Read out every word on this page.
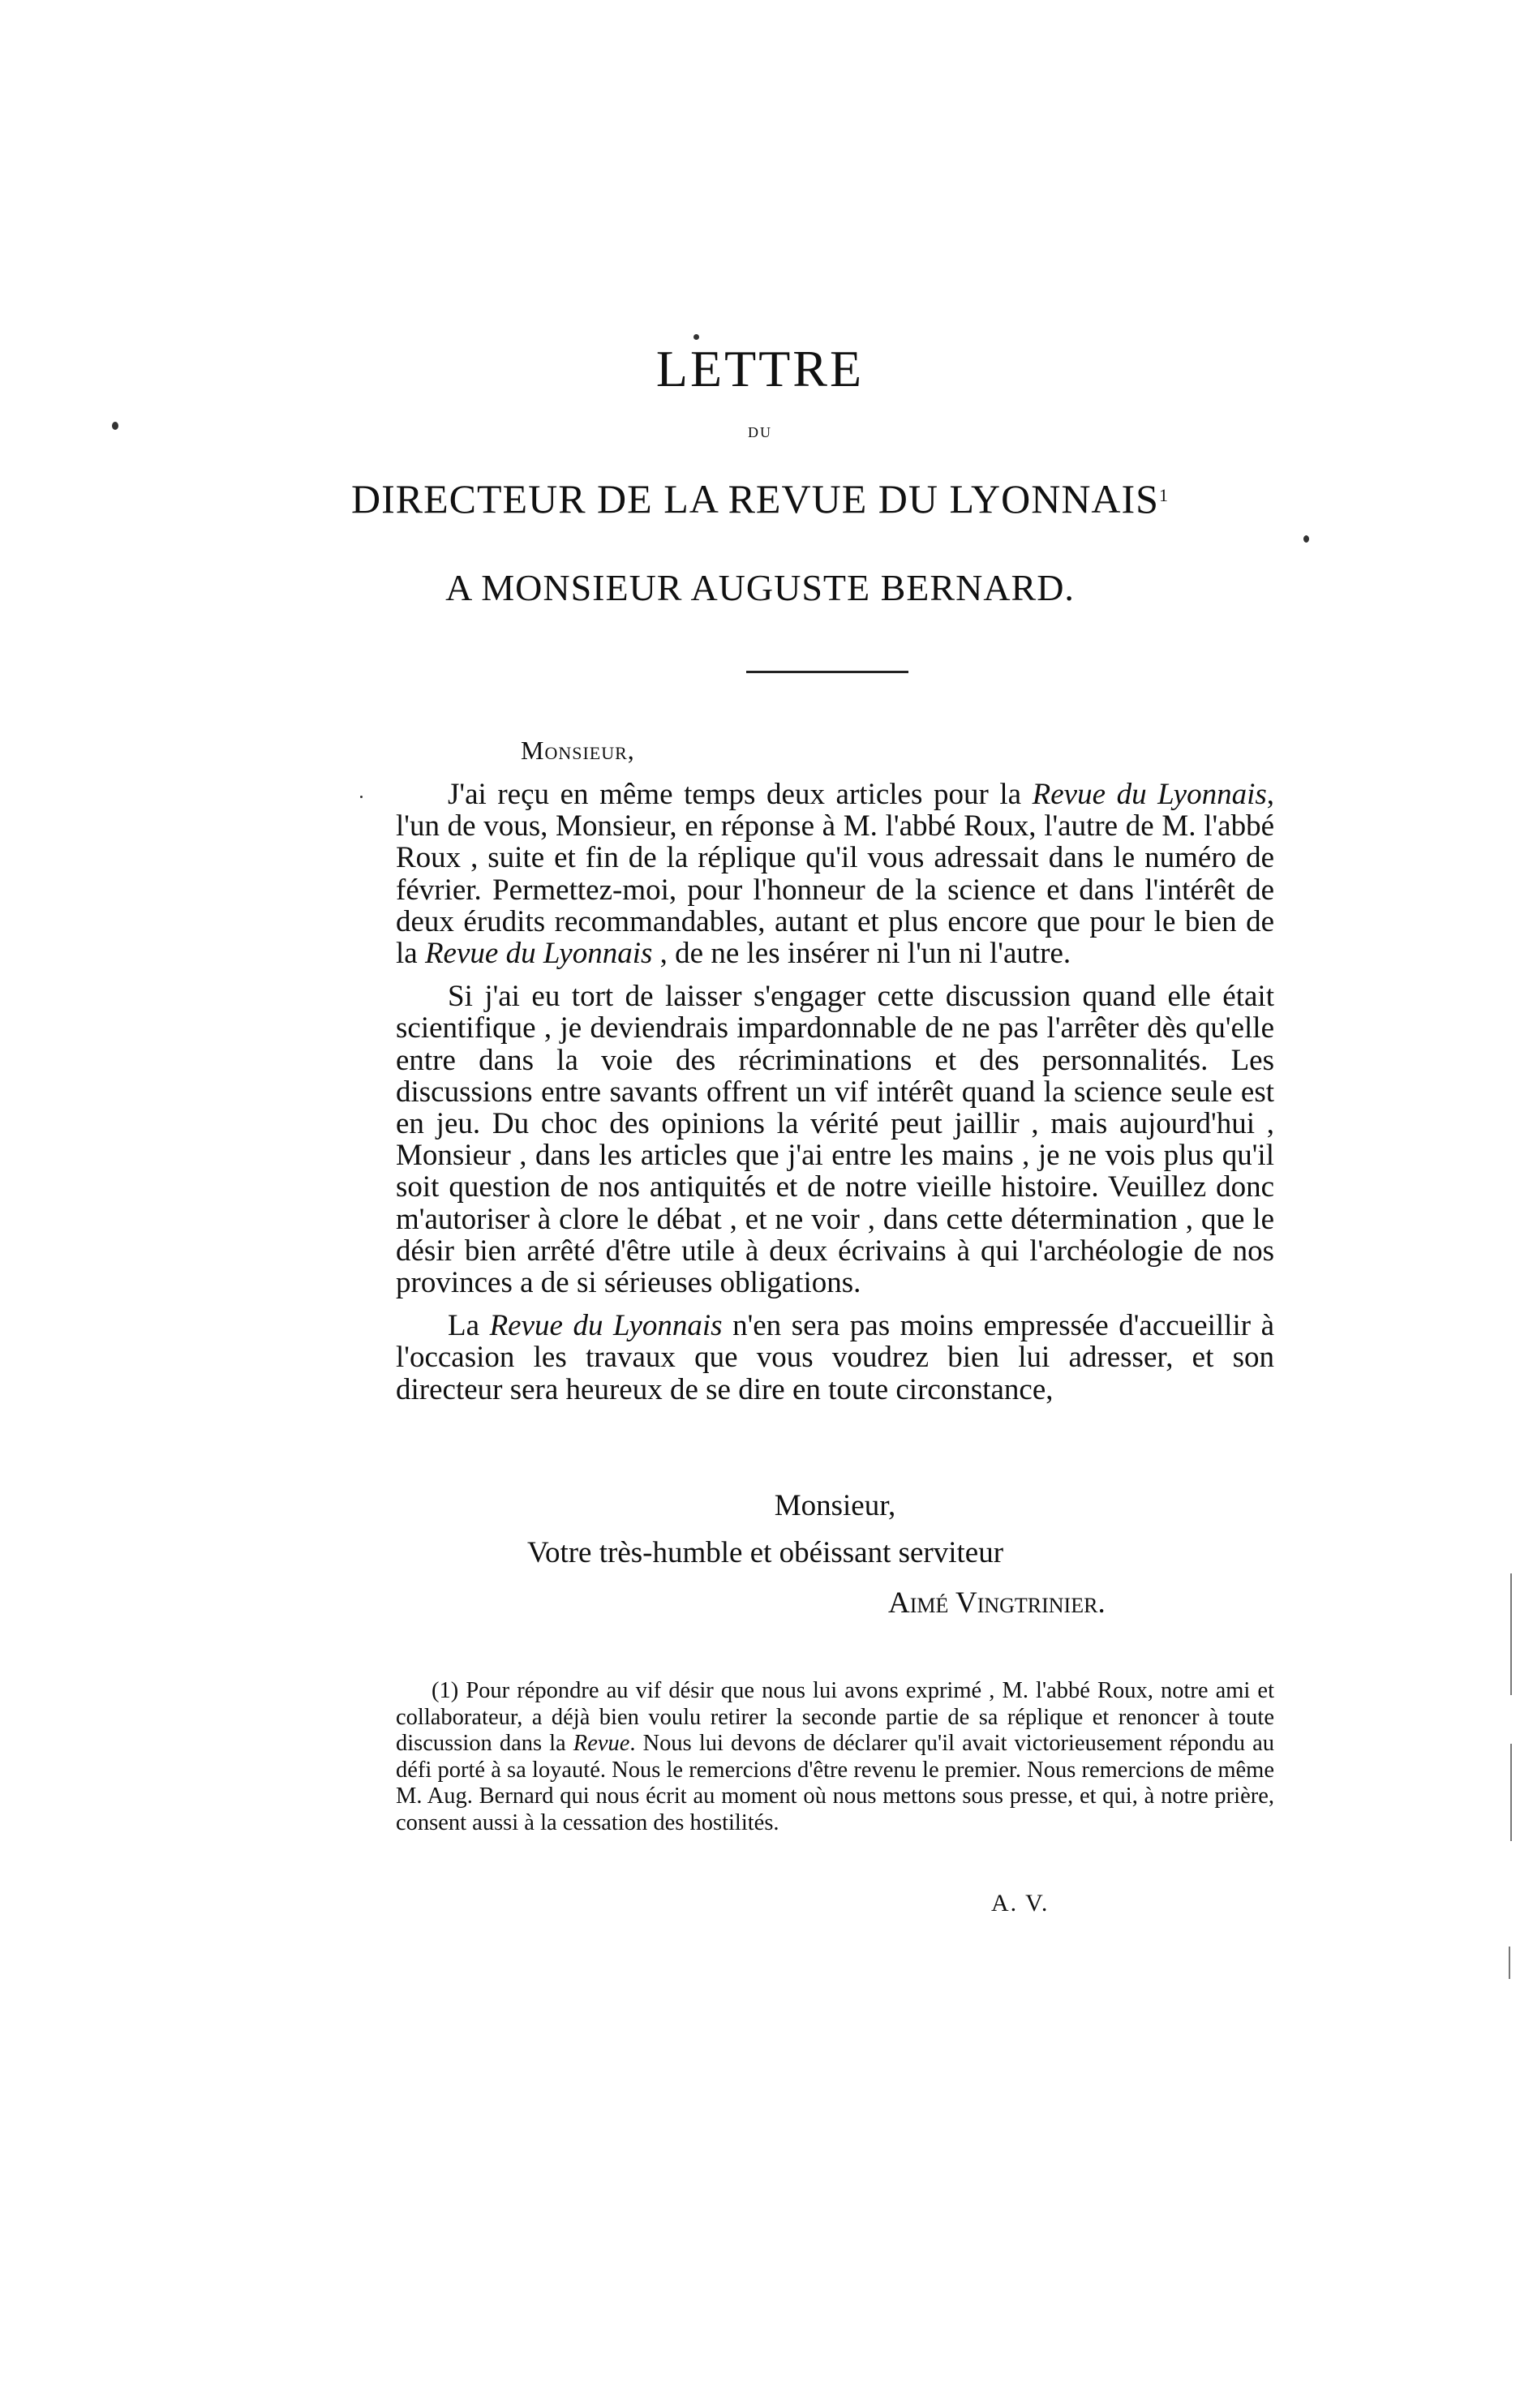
LETTRE
DU
DIRECTEUR DE LA REVUE DU LYONNAIS$^1$
A MONSIEUR AUGUSTE BERNARD.
Monsieur,

J'ai reçu en même temps deux articles pour la Revue du Lyonnais, l'un de vous, Monsieur, en réponse à M. l'abbé Roux, l'autre de M. l'abbé Roux , suite et fin de la réplique qu'il vous adressait dans le numéro de février. Permettez-moi, pour l'honneur de la science et dans l'intérêt de deux érudits recommandables, autant et plus encore que pour le bien de la Revue du Lyonnais , de ne les insérer ni l'un ni l'autre.

Si j'ai eu tort de laisser s'engager cette discussion quand elle était scientifique , je deviendrais impardonnable de ne pas l'arrêter dès qu'elle entre dans la voie des récriminations et des personnalités. Les discussions entre savants offrent un vif intérêt quand la science seule est en jeu. Du choc des opinions la vérité peut jaillir , mais aujourd'hui , Monsieur , dans les articles que j'ai entre les mains , je ne vois plus qu'il soit question de nos antiquités et de notre vieille histoire. Veuillez donc m'autoriser à clore le débat , et ne voir , dans cette détermination , que le désir bien arrêté d'être utile à deux écrivains à qui l'archéologie de nos provinces a de si sérieuses obligations.

La Revue du Lyonnais n'en sera pas moins empressée d'accueillir à l'occasion les travaux que vous voudrez bien lui adresser, et son directeur sera heureux de se dire en toute circonstance,

Monsieur,
Votre très-humble et obéissant serviteur
Aimé Vingtrinier.

(1) Pour répondre au vif désir que nous lui avons exprimé , M. l'abbé Roux, notre ami et collaborateur, a déjà bien voulu retirer la seconde partie de sa réplique et renoncer à toute discussion dans la Revue. Nous lui devons de déclarer qu'il avait victorieusement répondu au défi porté à sa loyauté. Nous le remercions d'être revenu le premier. Nous remercions de même M. Aug. Bernard qui nous écrit au moment où nous mettons sous presse, et qui, à notre prière, consent aussi à la cessation des hostilités.

A. V.
